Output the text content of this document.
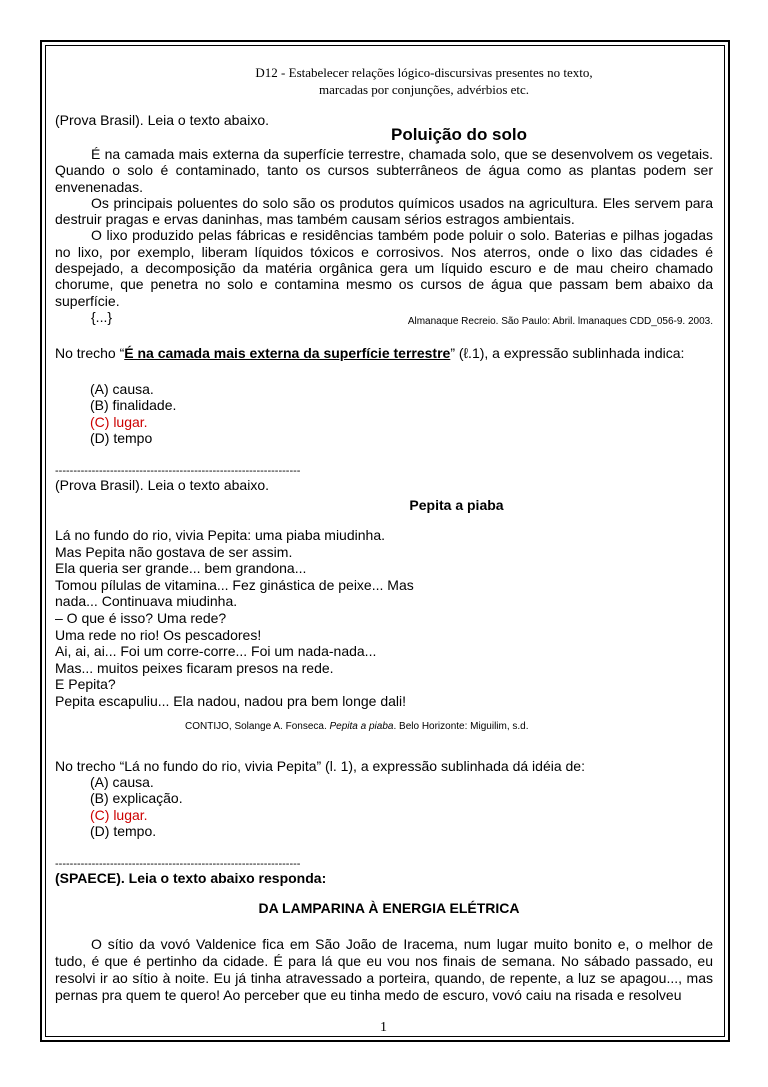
D12 - Estabelecer relações lógico-discursivas presentes no texto,
marcadas por conjunções, advérbios etc.
(Prova Brasil). Leia o texto abaixo.
Poluição do solo
É na camada mais externa da superfície terrestre, chamada solo, que se desenvolvem os vegetais. Quando o solo é contaminado, tanto os cursos subterrâneos de água como as plantas podem ser envenenadas.
Os principais poluentes do solo são os produtos químicos usados na agricultura. Eles servem para destruir pragas e ervas daninhas, mas também causam sérios estragos ambientais.
O lixo produzido pelas fábricas e residências também pode poluir o solo. Baterias e pilhas jogadas no lixo, por exemplo, liberam líquidos tóxicos e corrosivos. Nos aterros, onde o lixo das cidades é despejado, a decomposição da matéria orgânica gera um líquido escuro e de mau cheiro chamado chorume, que penetra no solo e contamina mesmo os cursos de água que passam bem abaixo da superfície.
{...}	Almanaque Recreio. São Paulo: Abril. lmanaques CDD_056-9. 2003.
No trecho “É na camada mais externa da superfície terrestre” (ℓ.1), a expressão sublinhada indica:
(A) causa.
(B) finalidade.
(C) lugar.
(D) tempo
-------------------------------------------------------------------
(Prova Brasil). Leia o texto abaixo.
Pepita a piaba
Lá no fundo do rio, vivia Pepita: uma piaba miudinha.
Mas Pepita não gostava de ser assim.
Ela queria ser grande... bem grandona...
Tomou pílulas de vitamina... Fez ginástica de peixe... Mas
nada... Continuava miudinha.
– O que é isso? Uma rede?
Uma rede no rio! Os pescadores!
Ai, ai, ai... Foi um corre-corre... Foi um nada-nada...
Mas... muitos peixes ficaram presos na rede.
E Pepita?
Pepita escapuliu... Ela nadou, nadou pra bem longe dali!
CONTIJO, Solange A. Fonseca. Pepita a piaba. Belo Horizonte: Miguilim, s.d.
No trecho “Lá no fundo do rio, vivia Pepita” (l. 1), a expressão sublinhada dá idéia de:
(A) causa.
(B) explicação.
(C) lugar.
(D) tempo.
-------------------------------------------------------------------
(SPAECE). Leia o texto abaixo responda:
DA LAMPARINA À ENERGIA ELÉTRICA
O sítio da vovó Valdenice fica em São João de Iracema, num lugar muito bonito e, o melhor de tudo, é que é pertinho da cidade. É para lá que eu vou nos finais de semana. No sábado passado, eu resolvi ir ao sítio à noite. Eu já tinha atravessado a porteira, quando, de repente, a luz se apagou..., mas pernas pra quem te quero! Ao perceber que eu tinha medo de escuro, vovó caiu na risada e resolveu
1
